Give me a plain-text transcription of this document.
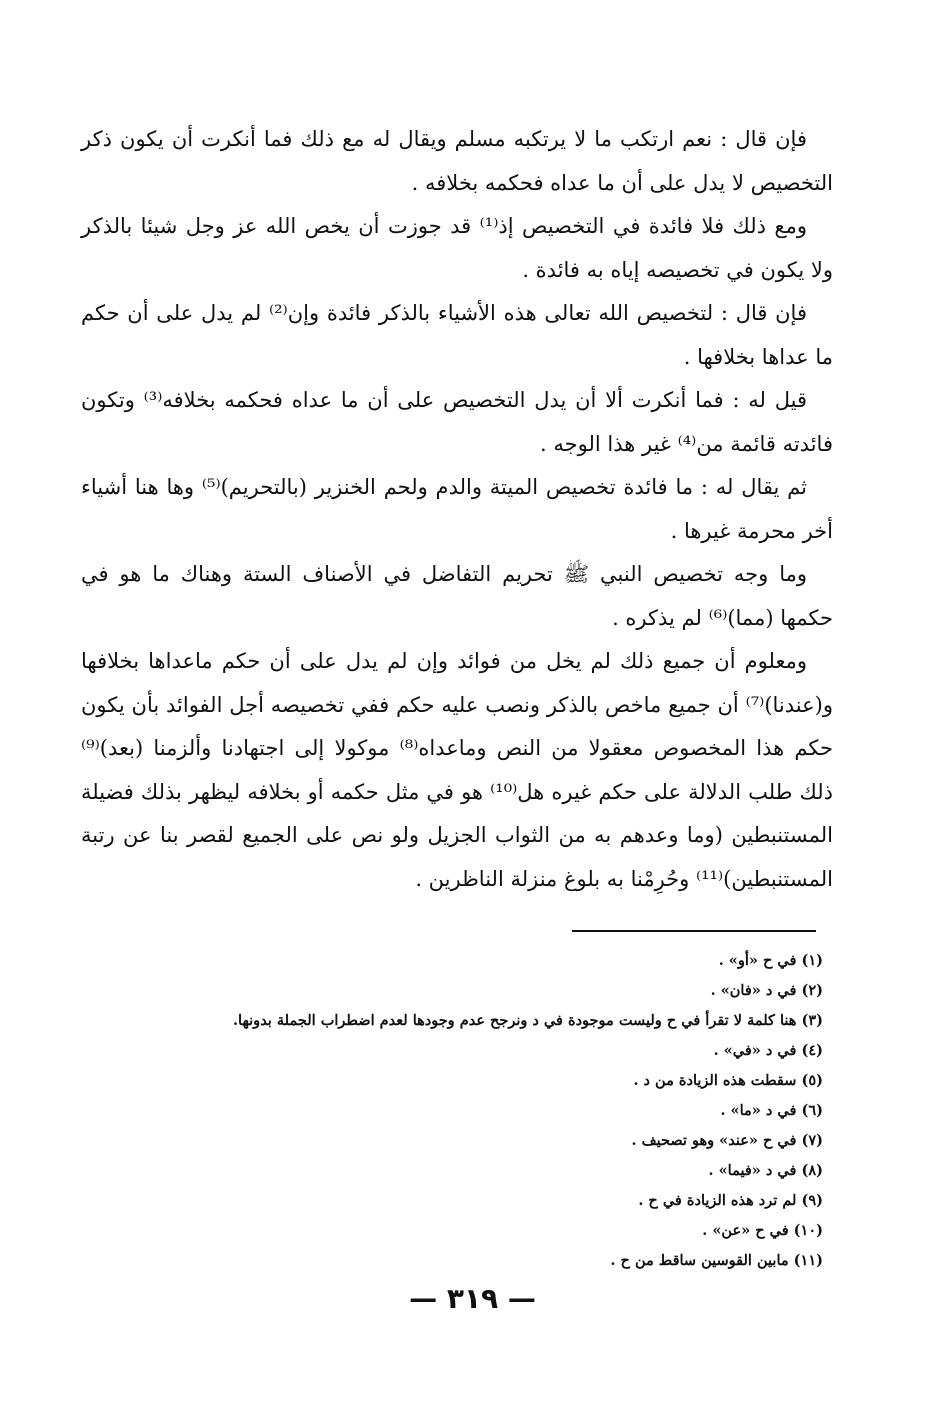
فإن قال : نعم ارتكب ما لا يرتكبه مسلم ويقال له مع ذلك فما أنكرت أن يكون ذكر التخصيص لا يدل على أن ما عداه فحكمه بخلافه .

ومع ذلك فلا فائدة في التخصيص إذ⁽¹⁾ قد جوزت أن يخص الله عز وجل شيئا بالذكر ولا يكون في تخصيصه إياه به فائدة .

فإن قال : لتخصيص الله تعالى هذه الأشياء بالذكر فائدة وإن⁽²⁾ لم يدل على أن حكم ما عداها بخلافها .

قيل له : فما أنكرت ألا أن يدل التخصيص على أن ما عداه فحكمه بخلافه⁽³⁾ وتكون فائدته قائمة من⁽⁴⁾ غير هذا الوجه .

ثم يقال له : ما فائدة تخصيص الميتة والدم ولحم الخنزير (بالتحريم)⁽⁵⁾ وها هنا أشياء أخر محرمة غيرها .

وما وجه تخصيص النبي ﷺ تحريم التفاضل في الأصناف الستة وهناك ما هو في حكمها (مما)⁽⁶⁾ لم يذكره .

ومعلوم أن جميع ذلك لم يخل من فوائد وإن لم يدل على أن حكم ماعداها بخلافها و(عندنا)⁽⁷⁾ أن جميع ماخص بالذكر ونصب عليه حكم ففي تخصيصه أجل الفوائد بأن يكون حكم هذا المخصوص معقولا من النص وماعداه⁽⁸⁾ موكولا إلى اجتهادنا وألزمنا (بعد)⁽⁹⁾ ذلك طلب الدلالة على حكم غيره هل⁽¹⁰⁾ هو في مثل حكمه أو بخلافه ليظهر بذلك فضيلة المستنبطين (وما وعدهم به من الثواب الجزيل ولو نص على الجميع لقصر بنا عن رتبة المستنبطين)⁽¹¹⁾ وحُرِمْنا به بلوغ منزلة الناظرين .

(١) في ح «أو» .
(٢) في د «فان» .
(٣) هنا كلمة لا تقرأ في ح وليست موجودة في د ونرجح عدم وجودها لعدم اضطراب الجملة بدونها.
(٤) في د «في» .
(٥) سقطت هذه الزيادة من د .
(٦) في د «ما» .
(٧) في ح «عند» وهو تصحيف .
(٨) في د «فيما» .
(٩) لم ترد هذه الزيادة في ح .
(١٠) في ح «عن» .
(١١) مابين القوسين ساقط من ح .
— ٣١٩ —
